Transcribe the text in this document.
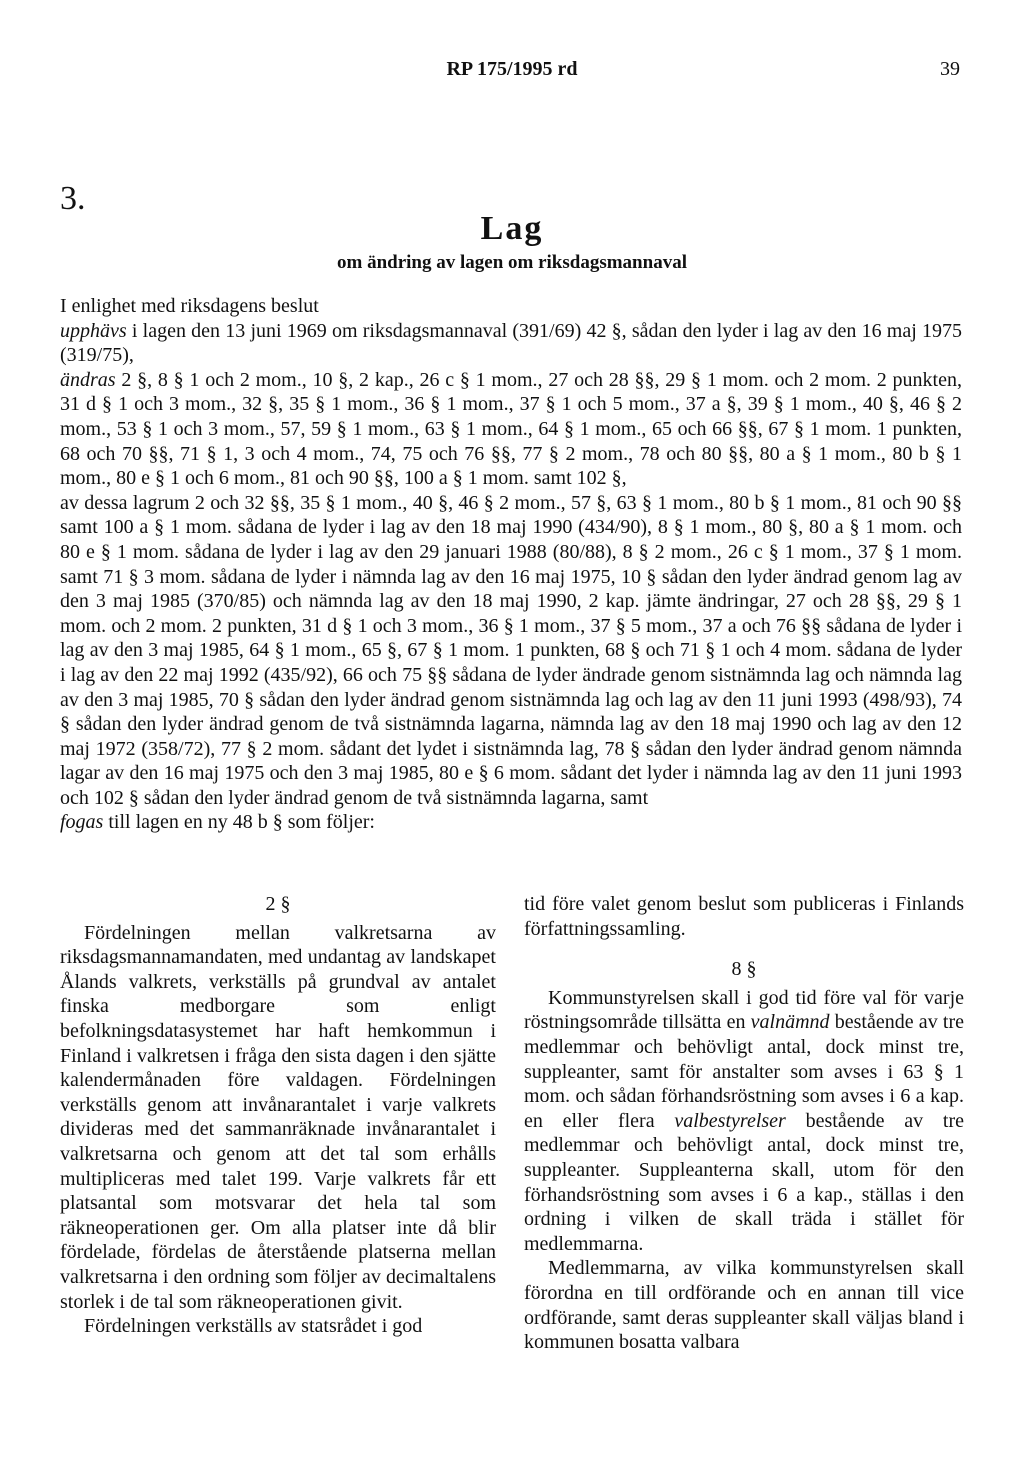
RP 175/1995 rd	39
3.
Lag
om ändring av lagen om riksdagsmannaval

I enlighet med riksdagens beslut

upphävs i lagen den 13 juni 1969 om riksdagsmannaval (391/69) 42 §, sådan den lyder i lag av den 16 maj 1975 (319/75),

ändras 2 §, 8 § 1 och 2 mom., 10 §, 2 kap., 26 c § 1 mom., 27 och 28 §§, 29 § 1 mom. och 2 mom. 2 punkten, 31 d § 1 och 3 mom., 32 §, 35 § 1 mom., 36 § 1 mom., 37 § 1 och 5 mom., 37 a §, 39 § 1 mom., 40 §, 46 § 2 mom., 53 § 1 och 3 mom., 57, 59 § 1 mom., 63 § 1 mom., 64 § 1 mom., 65 och 66 §§, 67 § 1 mom. 1 punkten, 68 och 70 §§, 71 § 1, 3 och 4 mom., 74, 75 och 76 §§, 77 § 2 mom., 78 och 80 §§, 80 a § 1 mom., 80 b § 1 mom., 80 e § 1 och 6 mom., 81 och 90 §§, 100 a § 1 mom. samt 102 §,

av dessa lagrum 2 och 32 §§, 35 § 1 mom., 40 §, 46 § 2 mom., 57 §, 63 § 1 mom., 80 b § 1 mom., 81 och 90 §§ samt 100 a § 1 mom. sådana de lyder i lag av den 18 maj 1990 (434/90), 8 § 1 mom., 80 §, 80 a § 1 mom. och 80 e § 1 mom. sådana de lyder i lag av den 29 januari 1988 (80/88), 8 § 2 mom., 26 c § 1 mom., 37 § 1 mom. samt 71 § 3 mom. sådana de lyder i nämnda lag av den 16 maj 1975, 10 § sådan den lyder ändrad genom lag av den 3 maj 1985 (370/85) och nämnda lag av den 18 maj 1990, 2 kap. jämte ändringar, 27 och 28 §§, 29 § 1 mom. och 2 mom. 2 punkten, 31 d § 1 och 3 mom., 36 § 1 mom., 37 § 5 mom., 37 a och 76 §§ sådana de lyder i lag av den 3 maj 1985, 64 § 1 mom., 65 §, 67 § 1 mom. 1 punkten, 68 § och 71 § 1 och 4 mom. sådana de lyder i lag av den 22 maj 1992 (435/92), 66 och 75 §§ sådana de lyder ändrade genom sistnämnda lag och nämnda lag av den 3 maj 1985, 70 § sådan den lyder ändrad genom sistnämnda lag och lag av den 11 juni 1993 (498/93), 74 § sådan den lyder ändrad genom de två sistnämnda lagarna, nämnda lag av den 18 maj 1990 och lag av den 12 maj 1972 (358/72), 77 § 2 mom. sådant det lydet i sistnämnda lag, 78 § sådan den lyder ändrad genom nämnda lagar av den 16 maj 1975 och den 3 maj 1985, 80 e § 6 mom. sådant det lyder i nämnda lag av den 11 juni 1993 och 102 § sådan den lyder ändrad genom de två sistnämnda lagarna, samt

fogas till lagen en ny 48 b § som följer:

2 §

Fördelningen mellan valkretsarna av riksdagsmannamandaten, med undantag av landskapet Ålands valkrets, verkställs på grundval av antalet finska medborgare som enligt befolkningsdatasystemet har haft hemkommun i Finland i valkretsen i fråga den sista dagen i den sjätte kalendermånaden före valdagen. Fördelningen verkställs genom att invånarantalet i varje valkrets divideras med det sammanräknade invånarantalet i valkretsarna och genom att det tal som erhålls multipliceras med talet 199. Varje valkrets får ett platsantal som motsvarar det hela tal som räkneoperationen ger. Om alla platser inte då blir fördelade, fördelas de återstående platserna mellan valkretsarna i den ordning som följer av decimaltalens storlek i de tal som räkneoperationen givit.

Fördelningen verkställs av statsrådet i god

tid före valet genom beslut som publiceras i Finlands författningssamling.

8 §

Kommunstyrelsen skall i god tid före val för varje röstningsområde tillsätta en valnämnd bestående av tre medlemmar och behövligt antal, dock minst tre, suppleanter, samt för anstalter som avses i 63 § 1 mom. och sådan förhandsröstning som avses i 6 a kap. en eller flera valbestyrelser bestående av tre medlemmar och behövligt antal, dock minst tre, suppleanter. Suppleanterna skall, utom för den förhandsröstning som avses i 6 a kap., ställas i den ordning i vilken de skall träda i stället för medlemmarna.

Medlemmarna, av vilka kommunstyrelsen skall förordna en till ordförande och en annan till vice ordförande, samt deras suppleanter skall väljas bland i kommunen bosatta valbara
